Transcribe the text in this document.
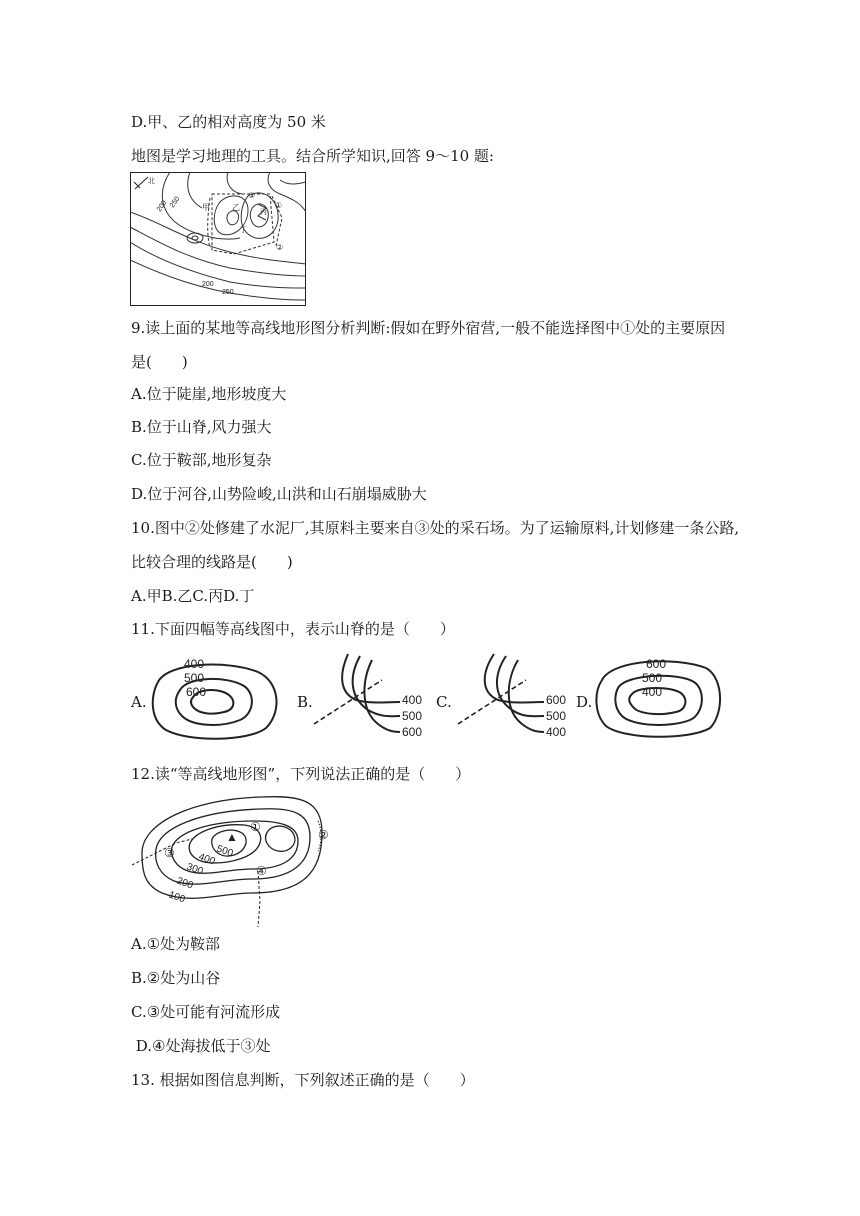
D.甲、乙的相对高度为 50 米
地图是学习地理的工具。结合所学知识,回答 9～10 题:
北
200 250	甲	乙
丙
丁
①
②
③
200
250
9.读上面的某地等高线地形图分析判断:假如在野外宿营,一般不能选择图中①处的主要原因
是(　　)
A.位于陡崖,地形坡度大
B.位于山脊,风力强大
C.位于鞍部,地形复杂
D.位于河谷,山势险峻,山洪和山石崩塌威胁大
10.图中②处修建了水泥厂,其原料主要来自③处的采石场。为了运输原料,计划修建一条公路,
比较合理的线路是(　　)
A.甲B.乙C.丙D.丁
11.下面四幅等高线图中，表示山脊的是（　　）
A.
400
500
600
B.	400
500
600
C.	600
500
400
D.
600
500
400
12.读“等高线地形图”，下列说法正确的是（　　）
▲
500
400
300
200
100
①
②
③
④
A.①处为鞍部
B.②处为山谷
C.③处可能有河流形成
D.④处海拔低于③处
13. 根据如图信息判断，下列叙述正确的是（　　）
